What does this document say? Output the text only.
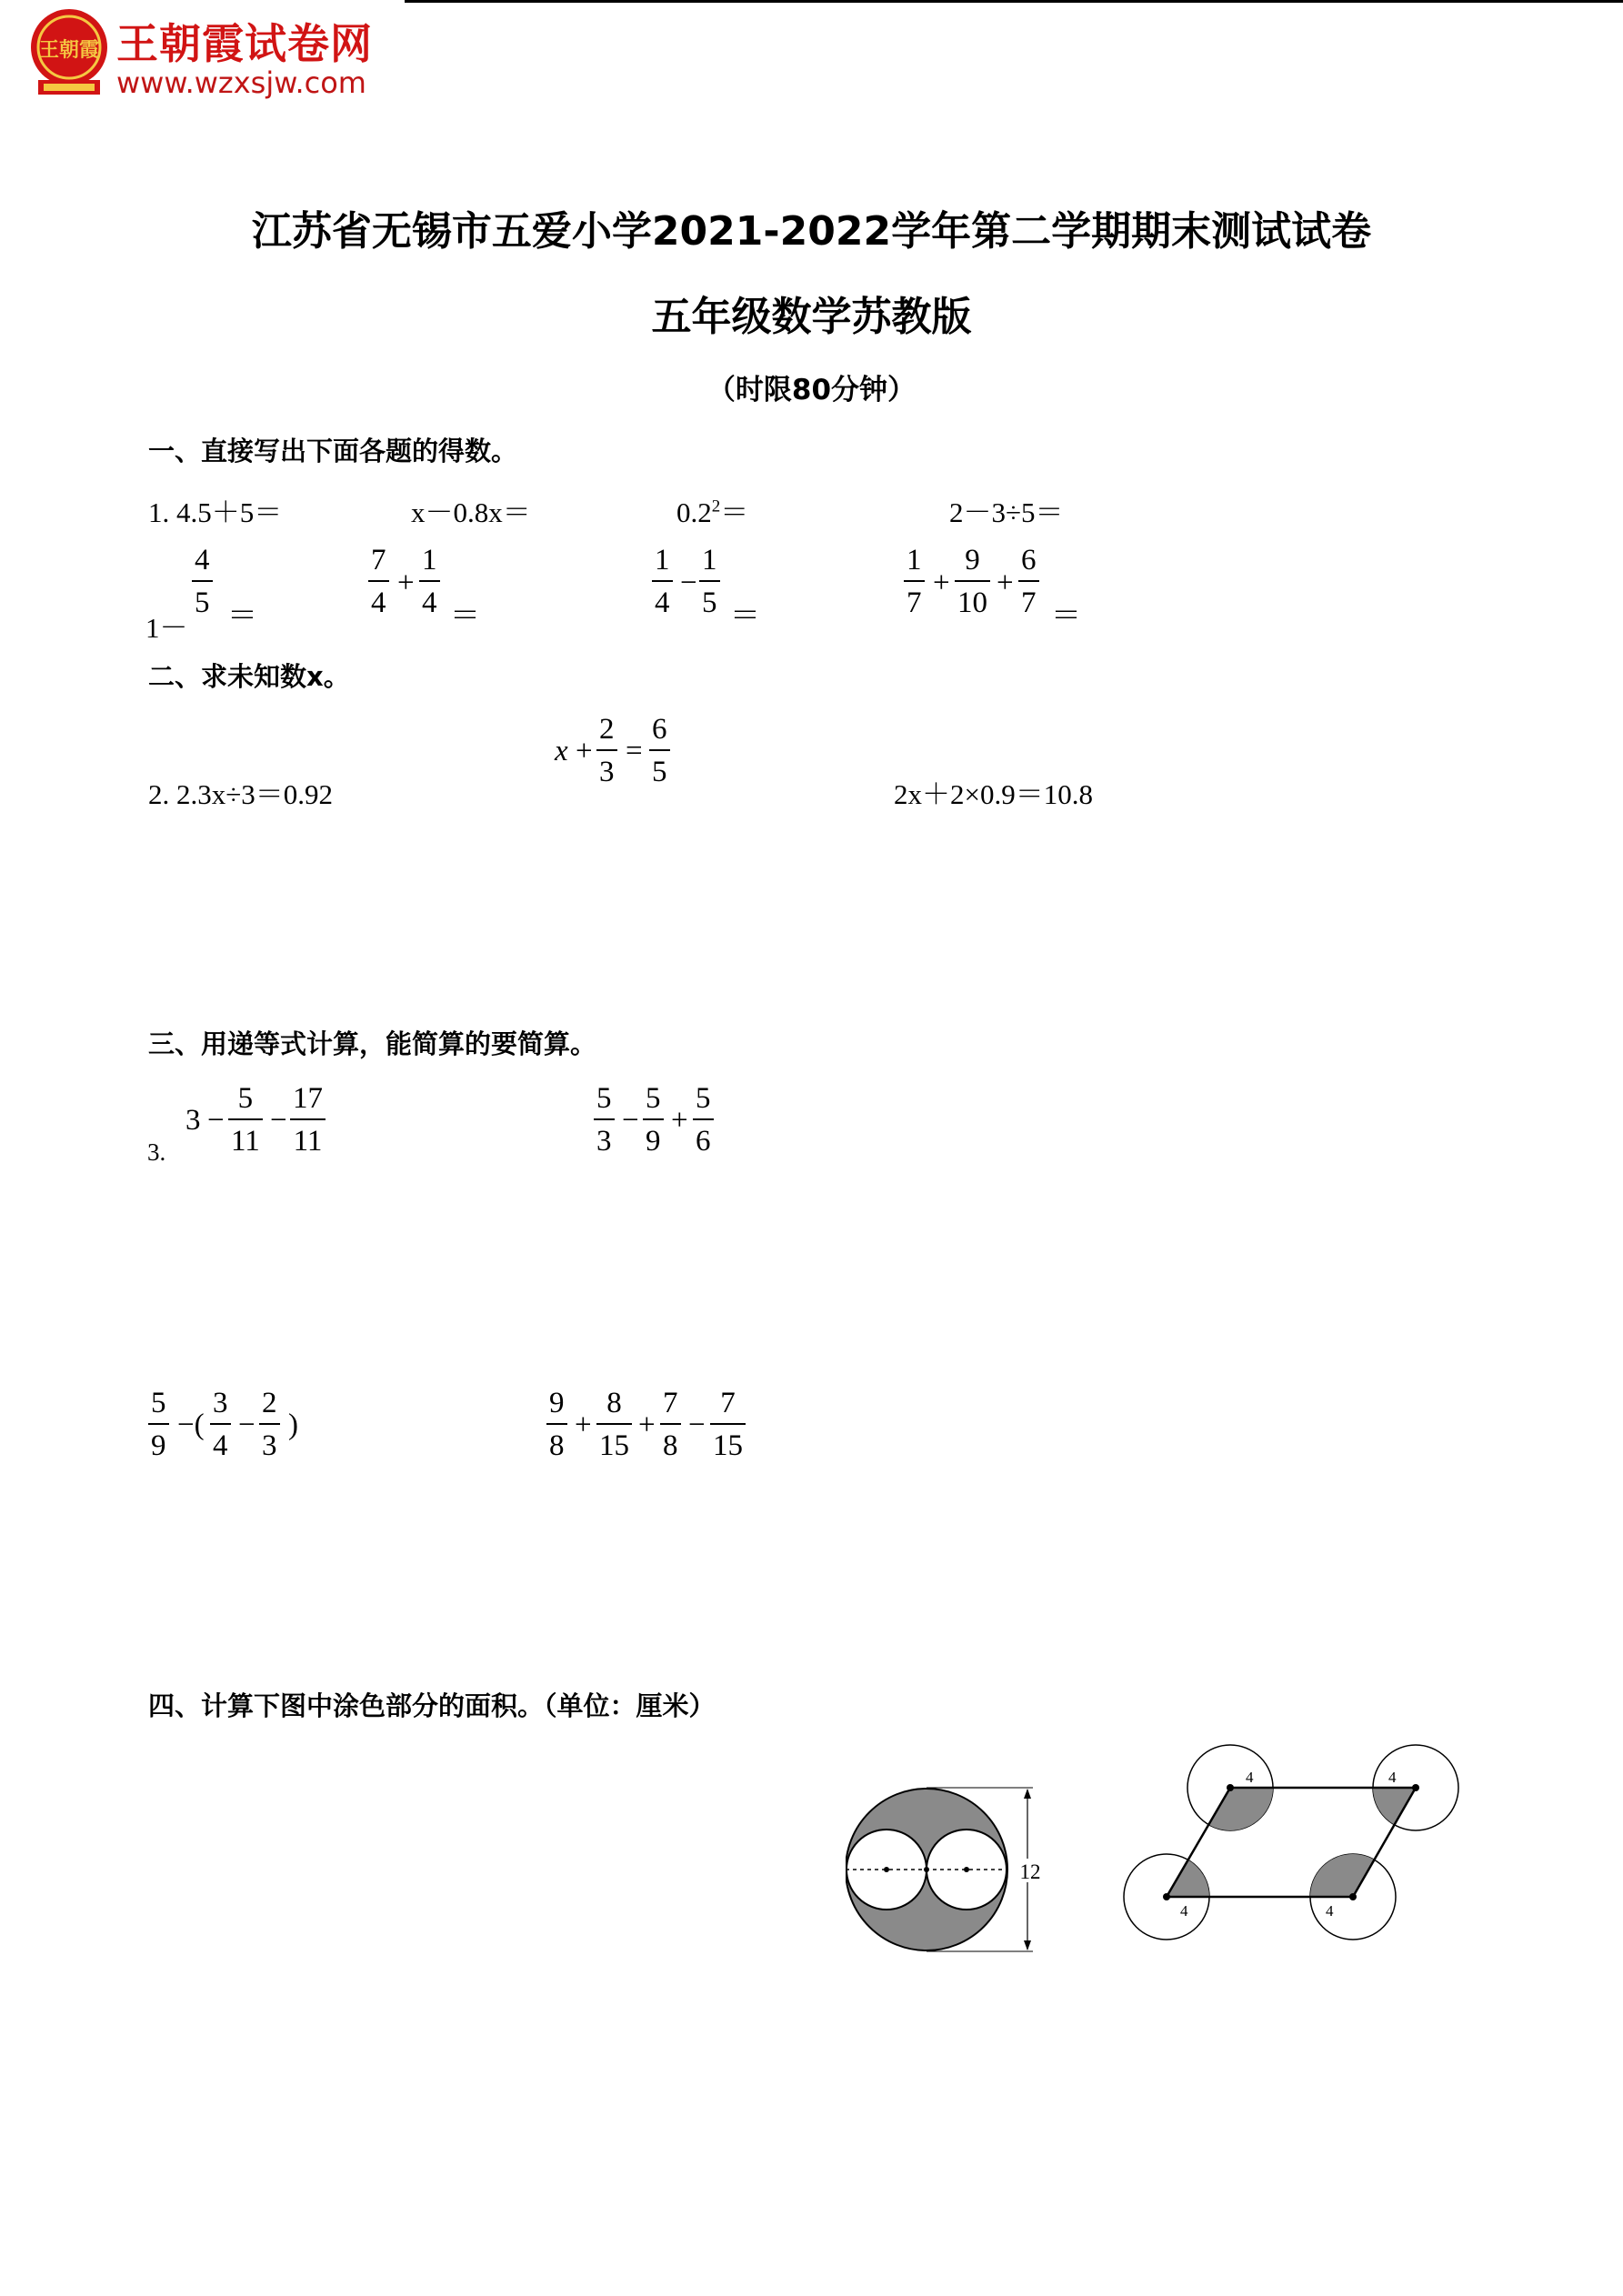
王朝霞 王朝霞试卷网
www.wzxsjw.com
江苏省无锡市五爱小学2021-2022学年第二学期期末测试试卷
五年级数学苏教版
（时限80分钟）
一、直接写出下面各题的得数。
1. 4.5＋5＝	x－0.8x＝	$0.2^2=$	2－3÷5＝
1－
$\frac{4}{5}$ ＝	$\frac{7}{4} + \frac{1}{4}$ ＝	$\frac{1}{4} - \frac{1}{5}$ ＝	$\frac{1}{7} + \frac{9}{10} + \frac{6}{7}$ ＝
二、求未知数x。
2. 2.3x÷3＝0.92
$x + \frac{2}{3} = \frac{6}{5}$
2x＋2×0.9＝10.8
三、用递等式计算，能简算的要简算。
3.
$3 - \frac{5}{11} - \frac{17}{11}$	$\frac{5}{3} - \frac{5}{9} + \frac{5}{6}$
$\frac{5}{9}$ −( $\frac{3}{4} - \frac{2}{3}$ )	$\frac{9}{8} + \frac{8}{15} + \frac{7}{8} - \frac{7}{15}$
四、计算下图中涂色部分的面积。（单位：厘米）
12
4	4
4	4
